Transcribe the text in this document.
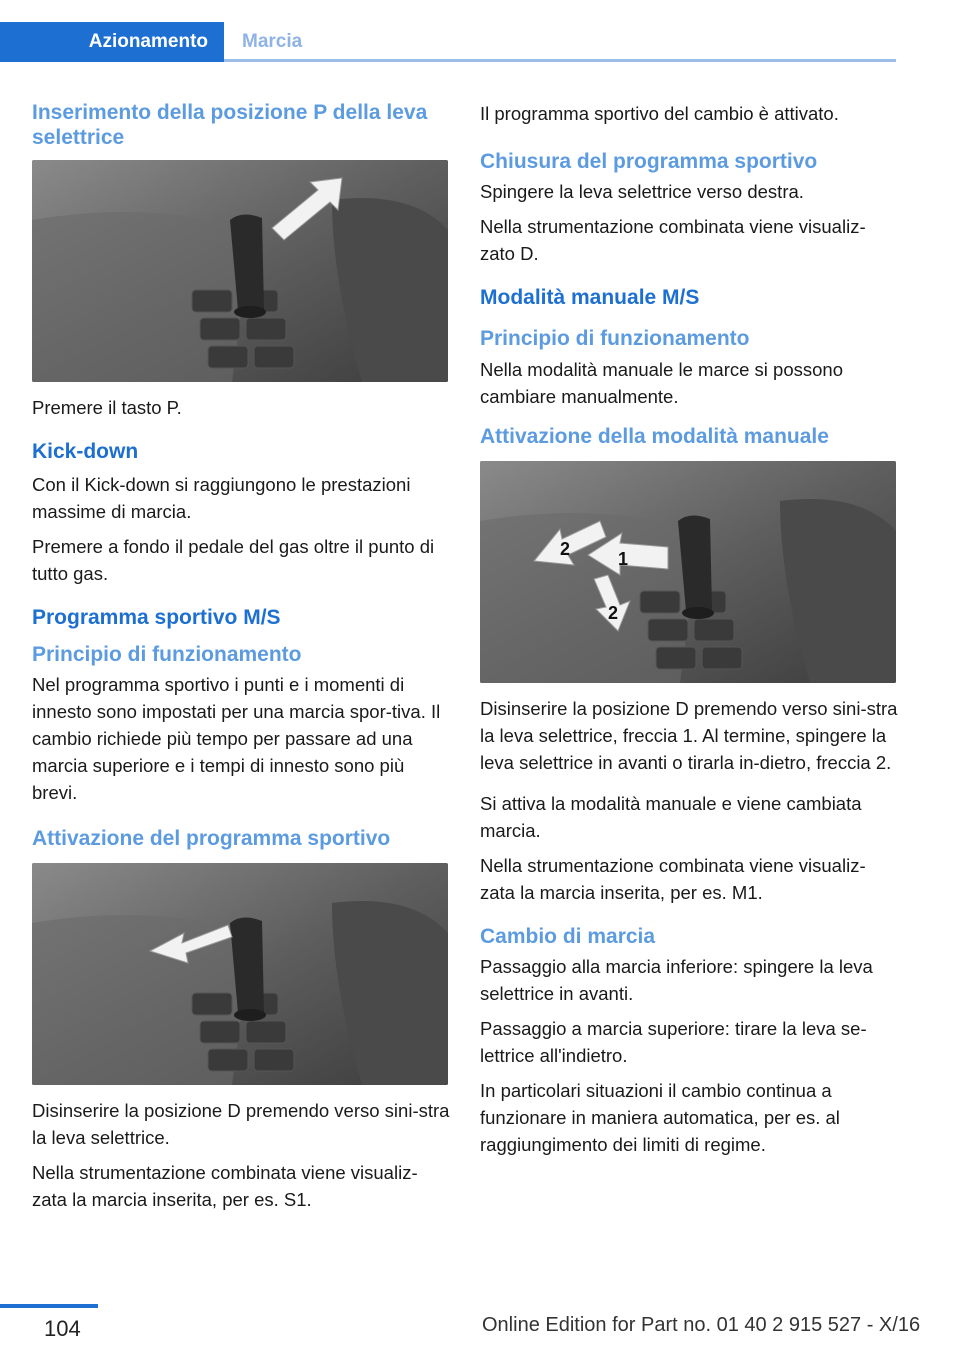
Azionamento	Marcia
Inserimento della posizione P della leva selettrice

Premere il tasto P.

Kick-down

Con il Kick-down si raggiungono le prestazioni massime di marcia.

Premere a fondo il pedale del gas oltre il punto di tutto gas.

Programma sportivo M/S
Principio di funzionamento

Nel programma sportivo i punti e i momenti di innesto sono impostati per una marcia spor-tiva. Il cambio richiede più tempo per passare ad una marcia superiore e i tempi di innesto sono più brevi.

Attivazione del programma sportivo

Disinserire la posizione D premendo verso sini-stra la leva selettrice.

Nella strumentazione combinata viene visualiz-zata la marcia inserita, per es. S1.

Il programma sportivo del cambio è attivato.

Chiusura del programma sportivo

Spingere la leva selettrice verso destra.

Nella strumentazione combinata viene visualiz-zato D.

Modalità manuale M/S
Principio di funzionamento

Nella modalità manuale le marce si possono cambiare manualmente.

Attivazione della modalità manuale
1
2
2

Disinserire la posizione D premendo verso sini-stra la leva selettrice, freccia 1. Al termine, spingere la leva selettrice in avanti o tirarla in-dietro, freccia 2.

Si attiva la modalità manuale e viene cambiata marcia.

Nella strumentazione combinata viene visualiz-zata la marcia inserita, per es. M1.

Cambio di marcia

Passaggio alla marcia inferiore: spingere la leva selettrice in avanti.

Passaggio a marcia superiore: tirare la leva se-lettrice all'indietro.

In particolari situazioni il cambio continua a funzionare in maniera automatica, per es. al raggiungimento dei limiti di regime.

104	Online Edition for Part no. 01 40 2 915 527 - X/16
